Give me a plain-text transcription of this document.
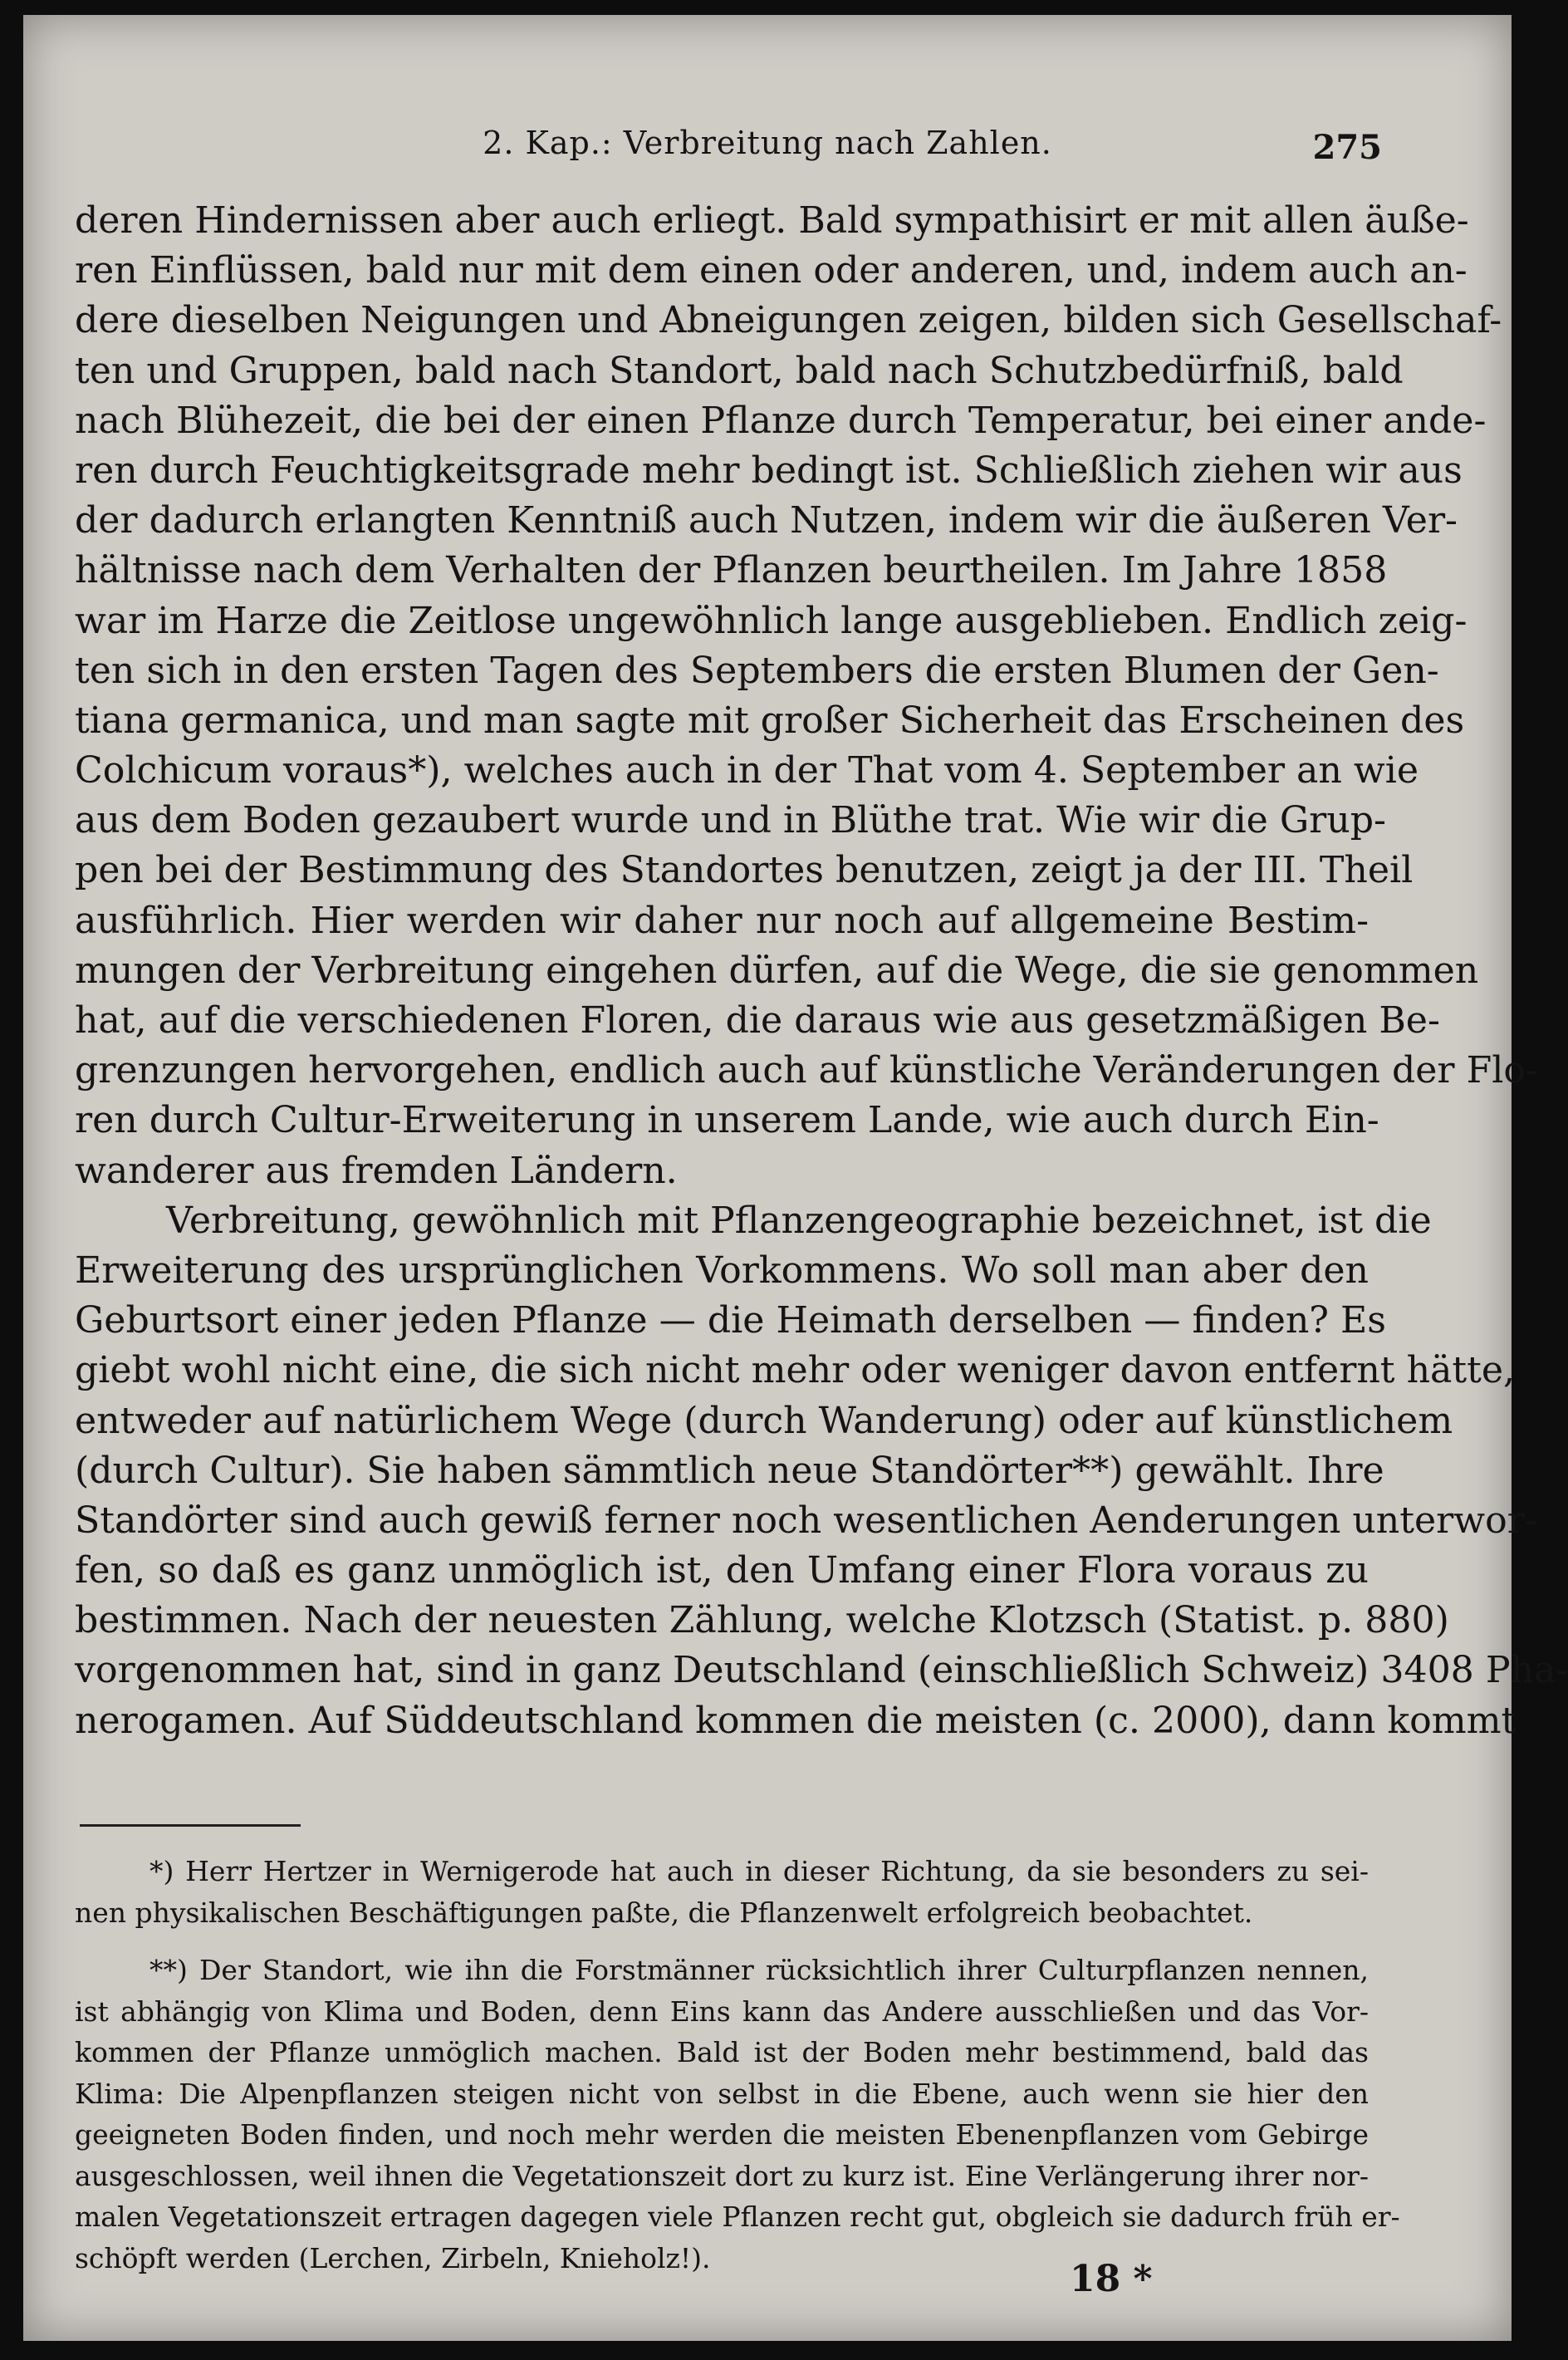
2. Kap.: Verbreitung nach Zahlen.	275
deren Hindernissen aber auch erliegt. Bald sympathisirt er mit allen äuße-
ren Einflüssen, bald nur mit dem einen oder anderen, und, indem auch an-
dere dieselben Neigungen und Abneigungen zeigen, bilden sich Gesellschaf-
ten und Gruppen, bald nach Standort, bald nach Schutzbedürfniß, bald
nach Blühezeit, die bei der einen Pflanze durch Temperatur, bei einer ande-
ren durch Feuchtigkeitsgrade mehr bedingt ist. Schließlich ziehen wir aus
der dadurch erlangten Kenntniß auch Nutzen, indem wir die äußeren Ver-
hältnisse nach dem Verhalten der Pflanzen beurtheilen. Im Jahre 1858
war im Harze die Zeitlose ungewöhnlich lange ausgeblieben. Endlich zeig-
ten sich in den ersten Tagen des Septembers die ersten Blumen der Gen-
tiana germanica, und man sagte mit großer Sicherheit das Erscheinen des
Colchicum voraus*), welches auch in der That vom 4. September an wie
aus dem Boden gezaubert wurde und in Blüthe trat. Wie wir die Grup-
pen bei der Bestimmung des Standortes benutzen, zeigt ja der III. Theil
ausführlich. Hier werden wir daher nur noch auf allgemeine Bestim-
mungen der Verbreitung eingehen dürfen, auf die Wege, die sie genommen
hat, auf die verschiedenen Floren, die daraus wie aus gesetzmäßigen Be-
grenzungen hervorgehen, endlich auch auf künstliche Veränderungen der Flo-
ren durch Cultur-Erweiterung in unserem Lande, wie auch durch Ein-
wanderer aus fremden Ländern.
Verbreitung, gewöhnlich mit Pflanzengeographie bezeichnet, ist die
Erweiterung des ursprünglichen Vorkommens. Wo soll man aber den
Geburtsort einer jeden Pflanze — die Heimath derselben — finden? Es
giebt wohl nicht eine, die sich nicht mehr oder weniger davon entfernt hätte,
entweder auf natürlichem Wege (durch Wanderung) oder auf künstlichem
(durch Cultur). Sie haben sämmtlich neue Standörter**) gewählt. Ihre
Standörter sind auch gewiß ferner noch wesentlichen Aenderungen unterwor-
fen, so daß es ganz unmöglich ist, den Umfang einer Flora voraus zu
bestimmen. Nach der neuesten Zählung, welche Klotzsch (Statist. p. 880)
vorgenommen hat, sind in ganz Deutschland (einschließlich Schweiz) 3408 Pha-
nerogamen. Auf Süddeutschland kommen die meisten (c. 2000), dann kommt
*) Herr Hertzer in Wernigerode hat auch in dieser Richtung, da sie besonders zu sei-
nen physikalischen Beschäftigungen paßte, die Pflanzenwelt erfolgreich beobachtet.
**) Der Standort, wie ihn die Forstmänner rücksichtlich ihrer Culturpflanzen nennen,
ist abhängig von Klima und Boden, denn Eins kann das Andere ausschließen und das Vor-
kommen der Pflanze unmöglich machen. Bald ist der Boden mehr bestimmend, bald das
Klima: Die Alpenpflanzen steigen nicht von selbst in die Ebene, auch wenn sie hier den
geeigneten Boden finden, und noch mehr werden die meisten Ebenenpflanzen vom Gebirge
ausgeschlossen, weil ihnen die Vegetationszeit dort zu kurz ist. Eine Verlängerung ihrer nor-
malen Vegetationszeit ertragen dagegen viele Pflanzen recht gut, obgleich sie dadurch früh er-
schöpft werden (Lerchen, Zirbeln, Knieholz!).	18 *
